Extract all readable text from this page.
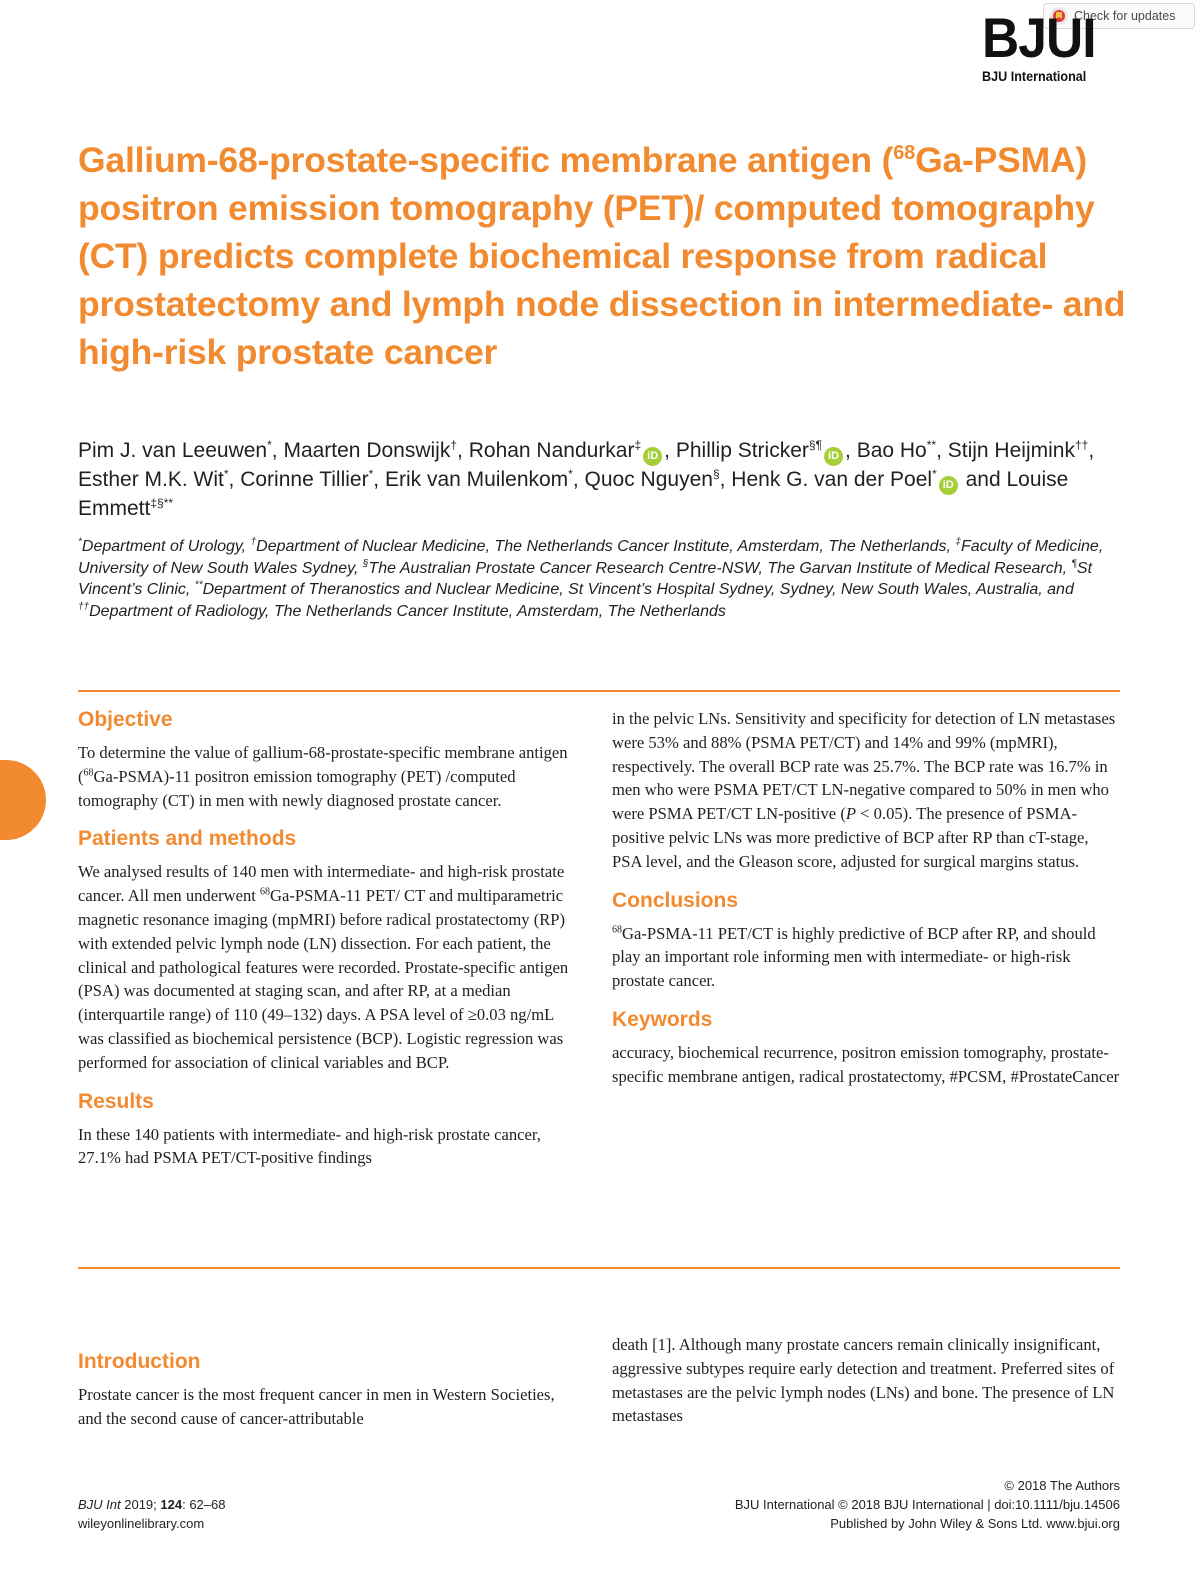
Check for updates
BJUI
BJU International
Gallium-68-prostate-specific membrane antigen ($^{68}$Ga-PSMA) positron emission tomography (PET)/ computed tomography (CT) predicts complete biochemical response from radical prostatectomy and lymph node dissection in intermediate- and high-risk prostate cancer
Pim J. van Leeuwen*, Maarten Donswijk†, Rohan Nandurkar‡iD , Phillip Stricker§¶iD , Bao Ho**, Stijn Heijmink††, Esther M.K. Wit*, Corinne Tillier*, Erik van Muilenkom*, Quoc Nguyen§, Henk G. van der Poel*iD and Louise Emmett‡§**
*Department of Urology, †Department of Nuclear Medicine, The Netherlands Cancer Institute, Amsterdam, The Netherlands, ‡Faculty of Medicine, University of New South Wales Sydney, §The Australian Prostate Cancer Research Centre-NSW, The Garvan Institute of Medical Research, ¶St Vincent’s Clinic, **Department of Theranostics and Nuclear Medicine, St Vincent’s Hospital Sydney, Sydney, New South Wales, Australia, and ††Department of Radiology, The Netherlands Cancer Institute, Amsterdam, The Netherlands
Objective

To determine the value of gallium-68-prostate-specific membrane antigen ($^{68}$Ga-PSMA)-11 positron emission tomography (PET) /computed tomography (CT) in men with newly diagnosed prostate cancer.

Patients and methods

We analysed results of 140 men with intermediate- and high-risk prostate cancer. All men underwent $^{68}$Ga-PSMA-11 PET/ CT and multiparametric magnetic resonance imaging (mpMRI) before radical prostatectomy (RP) with extended pelvic lymph node (LN) dissection. For each patient, the clinical and pathological features were recorded. Prostate-specific antigen (PSA) was documented at staging scan, and after RP, at a median (interquartile range) of 110 (49–132) days. A PSA level of ≥0.03 ng/mL was classified as biochemical persistence (BCP). Logistic regression was performed for association of clinical variables and BCP.

Results

In these 140 patients with intermediate- and high-risk prostate cancer, 27.1% had PSMA PET/CT-positive findings

in the pelvic LNs. Sensitivity and specificity for detection of LN metastases were 53% and 88% (PSMA PET/CT) and 14% and 99% (mpMRI), respectively. The overall BCP rate was 25.7%. The BCP rate was 16.7% in men who were PSMA PET/CT LN-negative compared to 50% in men who were PSMA PET/CT LN-positive (P < 0.05). The presence of PSMA-positive pelvic LNs was more predictive of BCP after RP than cT-stage, PSA level, and the Gleason score, adjusted for surgical margins status.

Conclusions

$^{68}$Ga-PSMA-11 PET/CT is highly predictive of BCP after RP, and should play an important role informing men with intermediate- or high-risk prostate cancer.

Keywords

accuracy, biochemical recurrence, positron emission tomography, prostate-specific membrane antigen, radical prostatectomy, #PCSM, #ProstateCancer

Introduction

Prostate cancer is the most frequent cancer in men in Western Societies, and the second cause of cancer-attributable

death [1]. Although many prostate cancers remain clinically insignificant, aggressive subtypes require early detection and treatment. Preferred sites of metastases are the pelvic lymph nodes (LNs) and bone. The presence of LN metastases

BJU Int 2019; 124: 62–68
wileyonlinelibrary.com
© 2018 The Authors
BJU International © 2018 BJU International | doi:10.1111/bju.14506
Published by John Wiley & Sons Ltd. www.bjui.org
